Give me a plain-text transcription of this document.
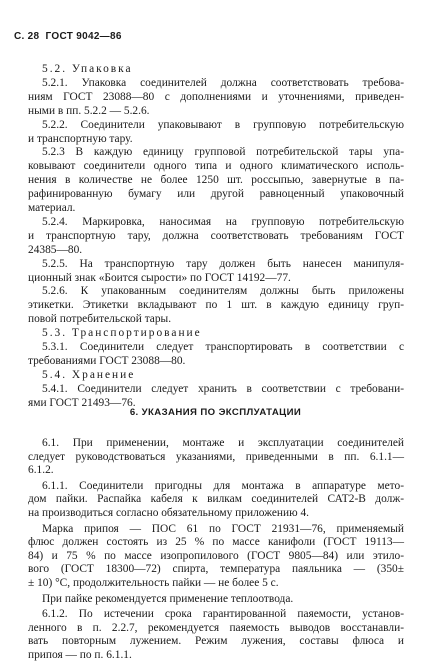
С. 28  ГОСТ 9042—86
5.2. Упаковка
5.2.1. Упаковка соединителей должна соответствовать требова-
ниям ГОСТ 23088—80 с дополнениями и уточнениями, приведен-
ными в пп. 5.2.2 — 5.2.6.
5.2.2. Соединители упаковывают в групповую потребительскую
и транспортную тару.
5.2.3 В каждую единицу групповой потребительской тары упа-
ковывают соединители одного типа и одного климатического исполь-
нения в количестве не более 1250 шт. россыпью, завернутые в па-
рафинированную бумагу или другой равноценный упаковочный
материал.
5.2.4. Маркировка, наносимая на групповую потребительскую
и транспортную тару, должна соответствовать требованиям ГОСТ
24385—80.
5.2.5. На транспортную тару должен быть нанесен манипуля-
ционный знак «Боится сырости» по ГОСТ 14192—77.
5.2.6. К упакованным соединителям должны быть приложены
этикетки. Этикетки вкладывают по 1 шт. в каждую единицу груп-
повой потребительской тары.
5.3. Транспортирование
5.3.1. Соединители следует транспортировать в соответствии с
требованиями ГОСТ 23088—80.
5.4. Хранение
5.4.1. Соединители следует хранить в соответствии с требовани-
ями ГОСТ 21493—76.
6. УКАЗАНИЯ ПО ЭКСПЛУАТАЦИИ
6.1. При применении, монтаже и эксплуатации соединителей
следует руководствоваться указаниями, приведенными в пп. 6.1.1—
6.1.2.
6.1.1. Соединители пригодны для монтажа в аппаратуре мето-
дом пайки. Распайка кабеля к вилкам соединителей САТ2-В долж-
на производиться согласно обязательному приложению 4.
Марка припоя — ПОС 61 по ГОСТ 21931—76, применяемый
флюс должен состоять из 25 % по массе канифоли (ГОСТ 19113—
84) и 75 % по массе изопропилового (ГОСТ 9805—84) или этило-
вого (ГОСТ 18300—72) спирта, температура паяльника — (350±
± 10) °С, продолжительность пайки — не более 5 с.
При пайке рекомендуется применение теплоотвода.
6.1.2. По истечении срока гарантированной паяемости, установ-
ленного в п. 2.2.7, рекомендуется паяемость выводов восстанавли-
вать повторным лужением. Режим лужения, составы флюса и
припоя — по п. 6.1.1.
